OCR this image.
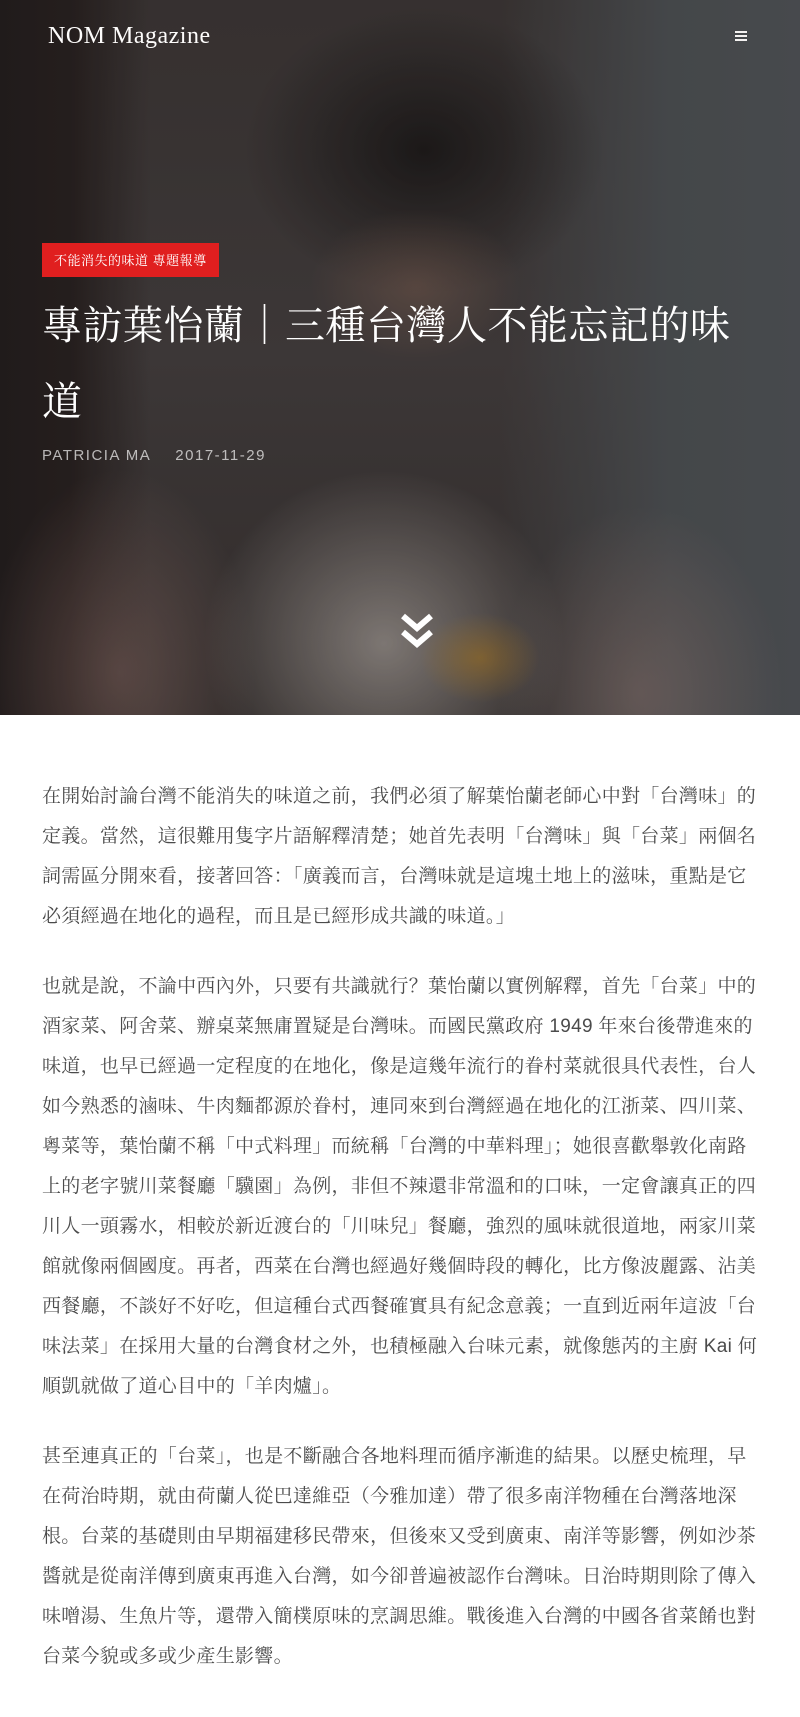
NOM Magazine
不能消失的味道 專題報導
專訪葉怡蘭｜三種台灣人不能忘記的味道
PATRICIA MA 2017-11-29

在開始討論台灣不能消失的味道之前，我們必須了解葉怡蘭老師心中對「台灣味」的定義。當然，這很難用隻字片語解釋清楚；她首先表明「台灣味」與「台菜」兩個名詞需區分開來看，接著回答：「廣義而言，台灣味就是這塊土地上的滋味，重點是它必須經過在地化的過程，而且是已經形成共識的味道。」

也就是說，不論中西內外，只要有共識就行？葉怡蘭以實例解釋，首先「台菜」中的酒家菜、阿舍菜、辦桌菜無庸置疑是台灣味。而國民黨政府 1949 年來台後帶進來的味道，也早已經過一定程度的在地化，像是這幾年流行的眷村菜就很具代表性，台人如今熟悉的滷味、牛肉麵都源於眷村，連同來到台灣經過在地化的江浙菜、四川菜、粵菜等，葉怡蘭不稱「中式料理」而統稱「台灣的中華料理」；她很喜歡舉敦化南路上的老字號川菜餐廳「驥園」為例，非但不辣還非常溫和的口味，一定會讓真正的四川人一頭霧水，相較於新近渡台的「川味兒」餐廳，強烈的風味就很道地，兩家川菜館就像兩個國度。再者，西菜在台灣也經過好幾個時段的轉化，比方像波麗露、沾美西餐廳，不談好不好吃，但這種台式西餐確實具有紀念意義；一直到近兩年這波「台味法菜」在採用大量的台灣食材之外，也積極融入台味元素，就像態芮的主廚 Kai 何順凱就做了道心目中的「羊肉爐」。

甚至連真正的「台菜」，也是不斷融合各地料理而循序漸進的結果。以歷史梳理，早在荷治時期，就由荷蘭人從巴達維亞（今雅加達）帶了很多南洋物種在台灣落地深根。台菜的基礎則由早期福建移民帶來，但後來又受到廣東、南洋等影響，例如沙茶醬就是從南洋傳到廣東再進入台灣，如今卻普遍被認作台灣味。日治時期則除了傳入味噌湯、生魚片等，還帶入簡樸原味的烹調思維。戰後進入台灣的中國各省菜餚也對台菜今貌或多或少產生影響。
